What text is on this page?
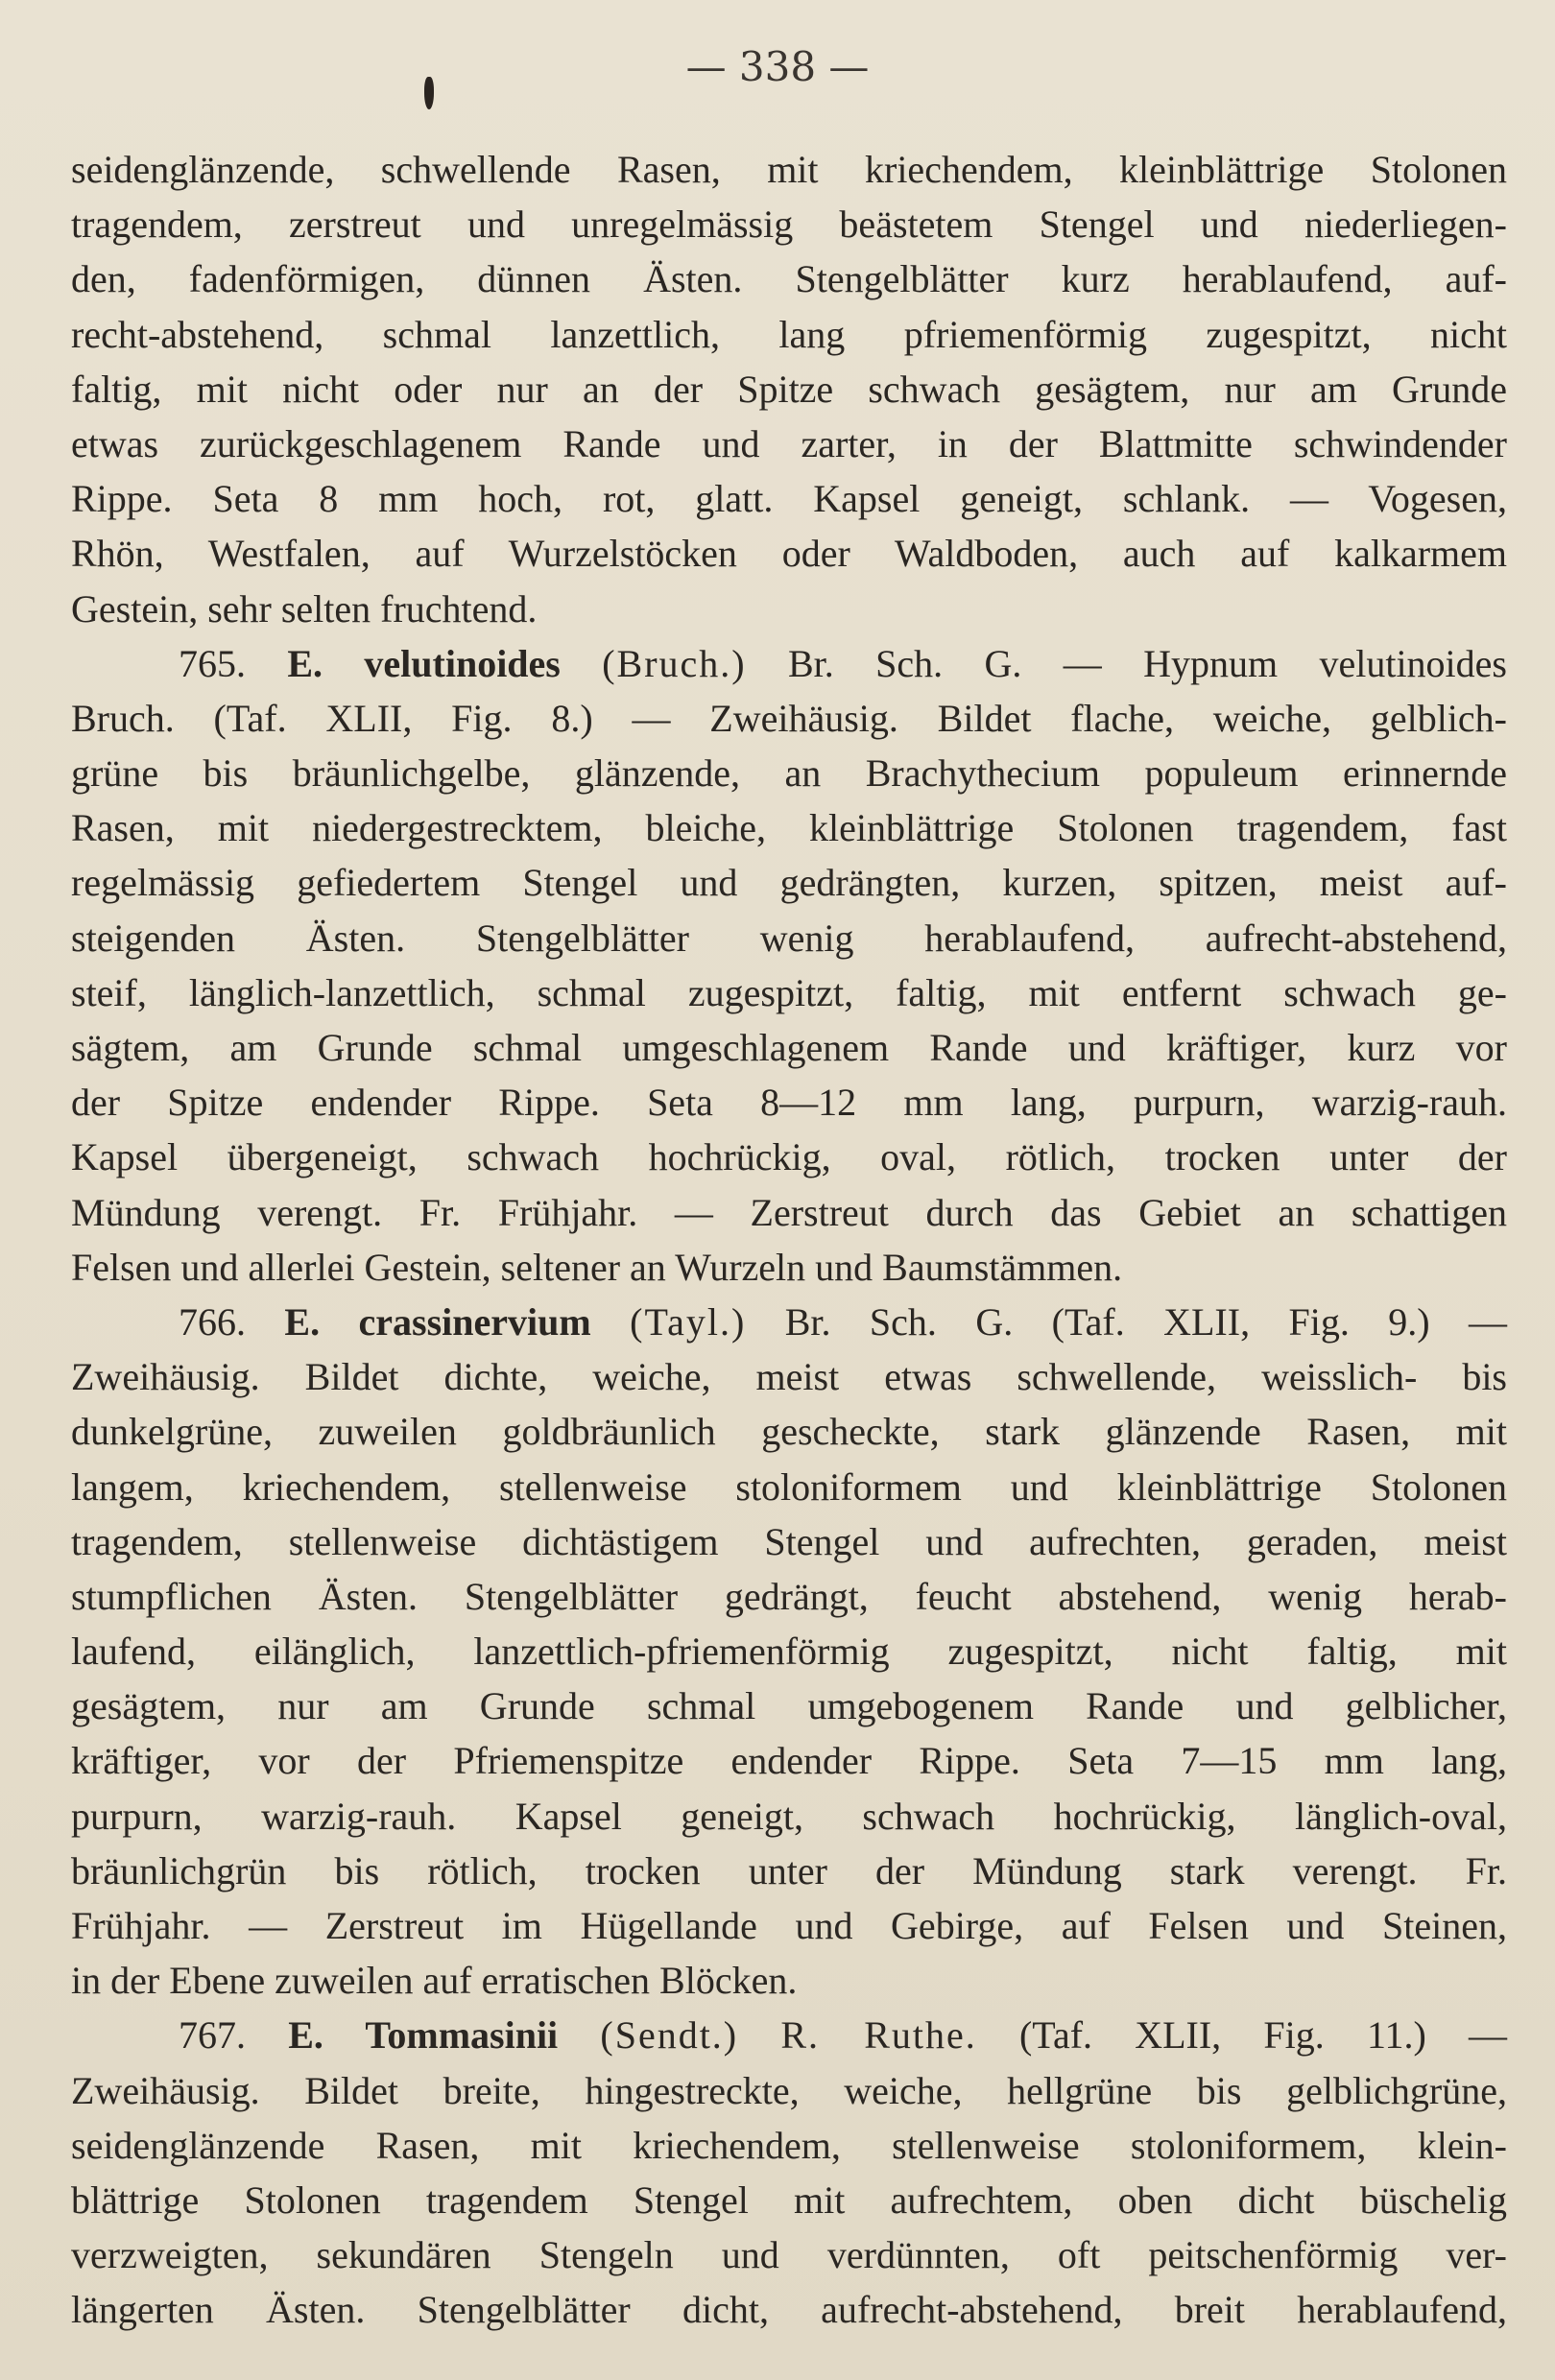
— 338 —
seidenglänzende, schwellende Rasen, mit kriechendem, kleinblättrige Stolonen
tragendem, zerstreut und unregelmässig beästetem Stengel und niederliegen-
den, fadenförmigen, dünnen Ästen. Stengelblätter kurz herablaufend, auf-
recht-abstehend, schmal lanzettlich, lang pfriemenförmig zugespitzt, nicht
faltig, mit nicht oder nur an der Spitze schwach gesägtem, nur am Grunde
etwas zurückgeschlagenem Rande und zarter, in der Blattmitte schwindender
Rippe. Seta 8 mm hoch, rot, glatt. Kapsel geneigt, schlank. — Vogesen,
Rhön, Westfalen, auf Wurzelstöcken oder Waldboden, auch auf kalkarmem
Gestein, sehr selten fruchtend.
765. E. velutinoides (Bruch.) Br. Sch. G. — Hypnum velutinoides
Bruch. (Taf. XLII, Fig. 8.) — Zweihäusig. Bildet flache, weiche, gelblich-
grüne bis bräunlichgelbe, glänzende, an Brachythecium populeum erinnernde
Rasen, mit niedergestrecktem, bleiche, kleinblättrige Stolonen tragendem, fast
regelmässig gefiedertem Stengel und gedrängten, kurzen, spitzen, meist auf-
steigenden Ästen. Stengelblätter wenig herablaufend, aufrecht-abstehend,
steif, länglich-lanzettlich, schmal zugespitzt, faltig, mit entfernt schwach ge-
sägtem, am Grunde schmal umgeschlagenem Rande und kräftiger, kurz vor
der Spitze endender Rippe. Seta 8—12 mm lang, purpurn, warzig-rauh.
Kapsel übergeneigt, schwach hochrückig, oval, rötlich, trocken unter der
Mündung verengt. Fr. Frühjahr. — Zerstreut durch das Gebiet an schattigen
Felsen und allerlei Gestein, seltener an Wurzeln und Baumstämmen.
766. E. crassinervium (Tayl.) Br. Sch. G. (Taf. XLII, Fig. 9.) —
Zweihäusig. Bildet dichte, weiche, meist etwas schwellende, weisslich- bis
dunkelgrüne, zuweilen goldbräunlich gescheckte, stark glänzende Rasen, mit
langem, kriechendem, stellenweise stoloniformem und kleinblättrige Stolonen
tragendem, stellenweise dichtästigem Stengel und aufrechten, geraden, meist
stumpflichen Ästen. Stengelblätter gedrängt, feucht abstehend, wenig herab-
laufend, eilänglich, lanzettlich-pfriemenförmig zugespitzt, nicht faltig, mit
gesägtem, nur am Grunde schmal umgebogenem Rande und gelblicher,
kräftiger, vor der Pfriemenspitze endender Rippe. Seta 7—15 mm lang,
purpurn, warzig-rauh. Kapsel geneigt, schwach hochrückig, länglich-oval,
bräunlichgrün bis rötlich, trocken unter der Mündung stark verengt. Fr.
Frühjahr. — Zerstreut im Hügellande und Gebirge, auf Felsen und Steinen,
in der Ebene zuweilen auf erratischen Blöcken.
767. E. Tommasinii (Sendt.) R. Ruthe. (Taf. XLII, Fig. 11.) —
Zweihäusig. Bildet breite, hingestreckte, weiche, hellgrüne bis gelblichgrüne,
seidenglänzende Rasen, mit kriechendem, stellenweise stoloniformem, klein-
blättrige Stolonen tragendem Stengel mit aufrechtem, oben dicht büschelig
verzweigten, sekundären Stengeln und verdünnten, oft peitschenförmig ver-
längerten Ästen. Stengelblätter dicht, aufrecht-abstehend, breit herablaufend,
